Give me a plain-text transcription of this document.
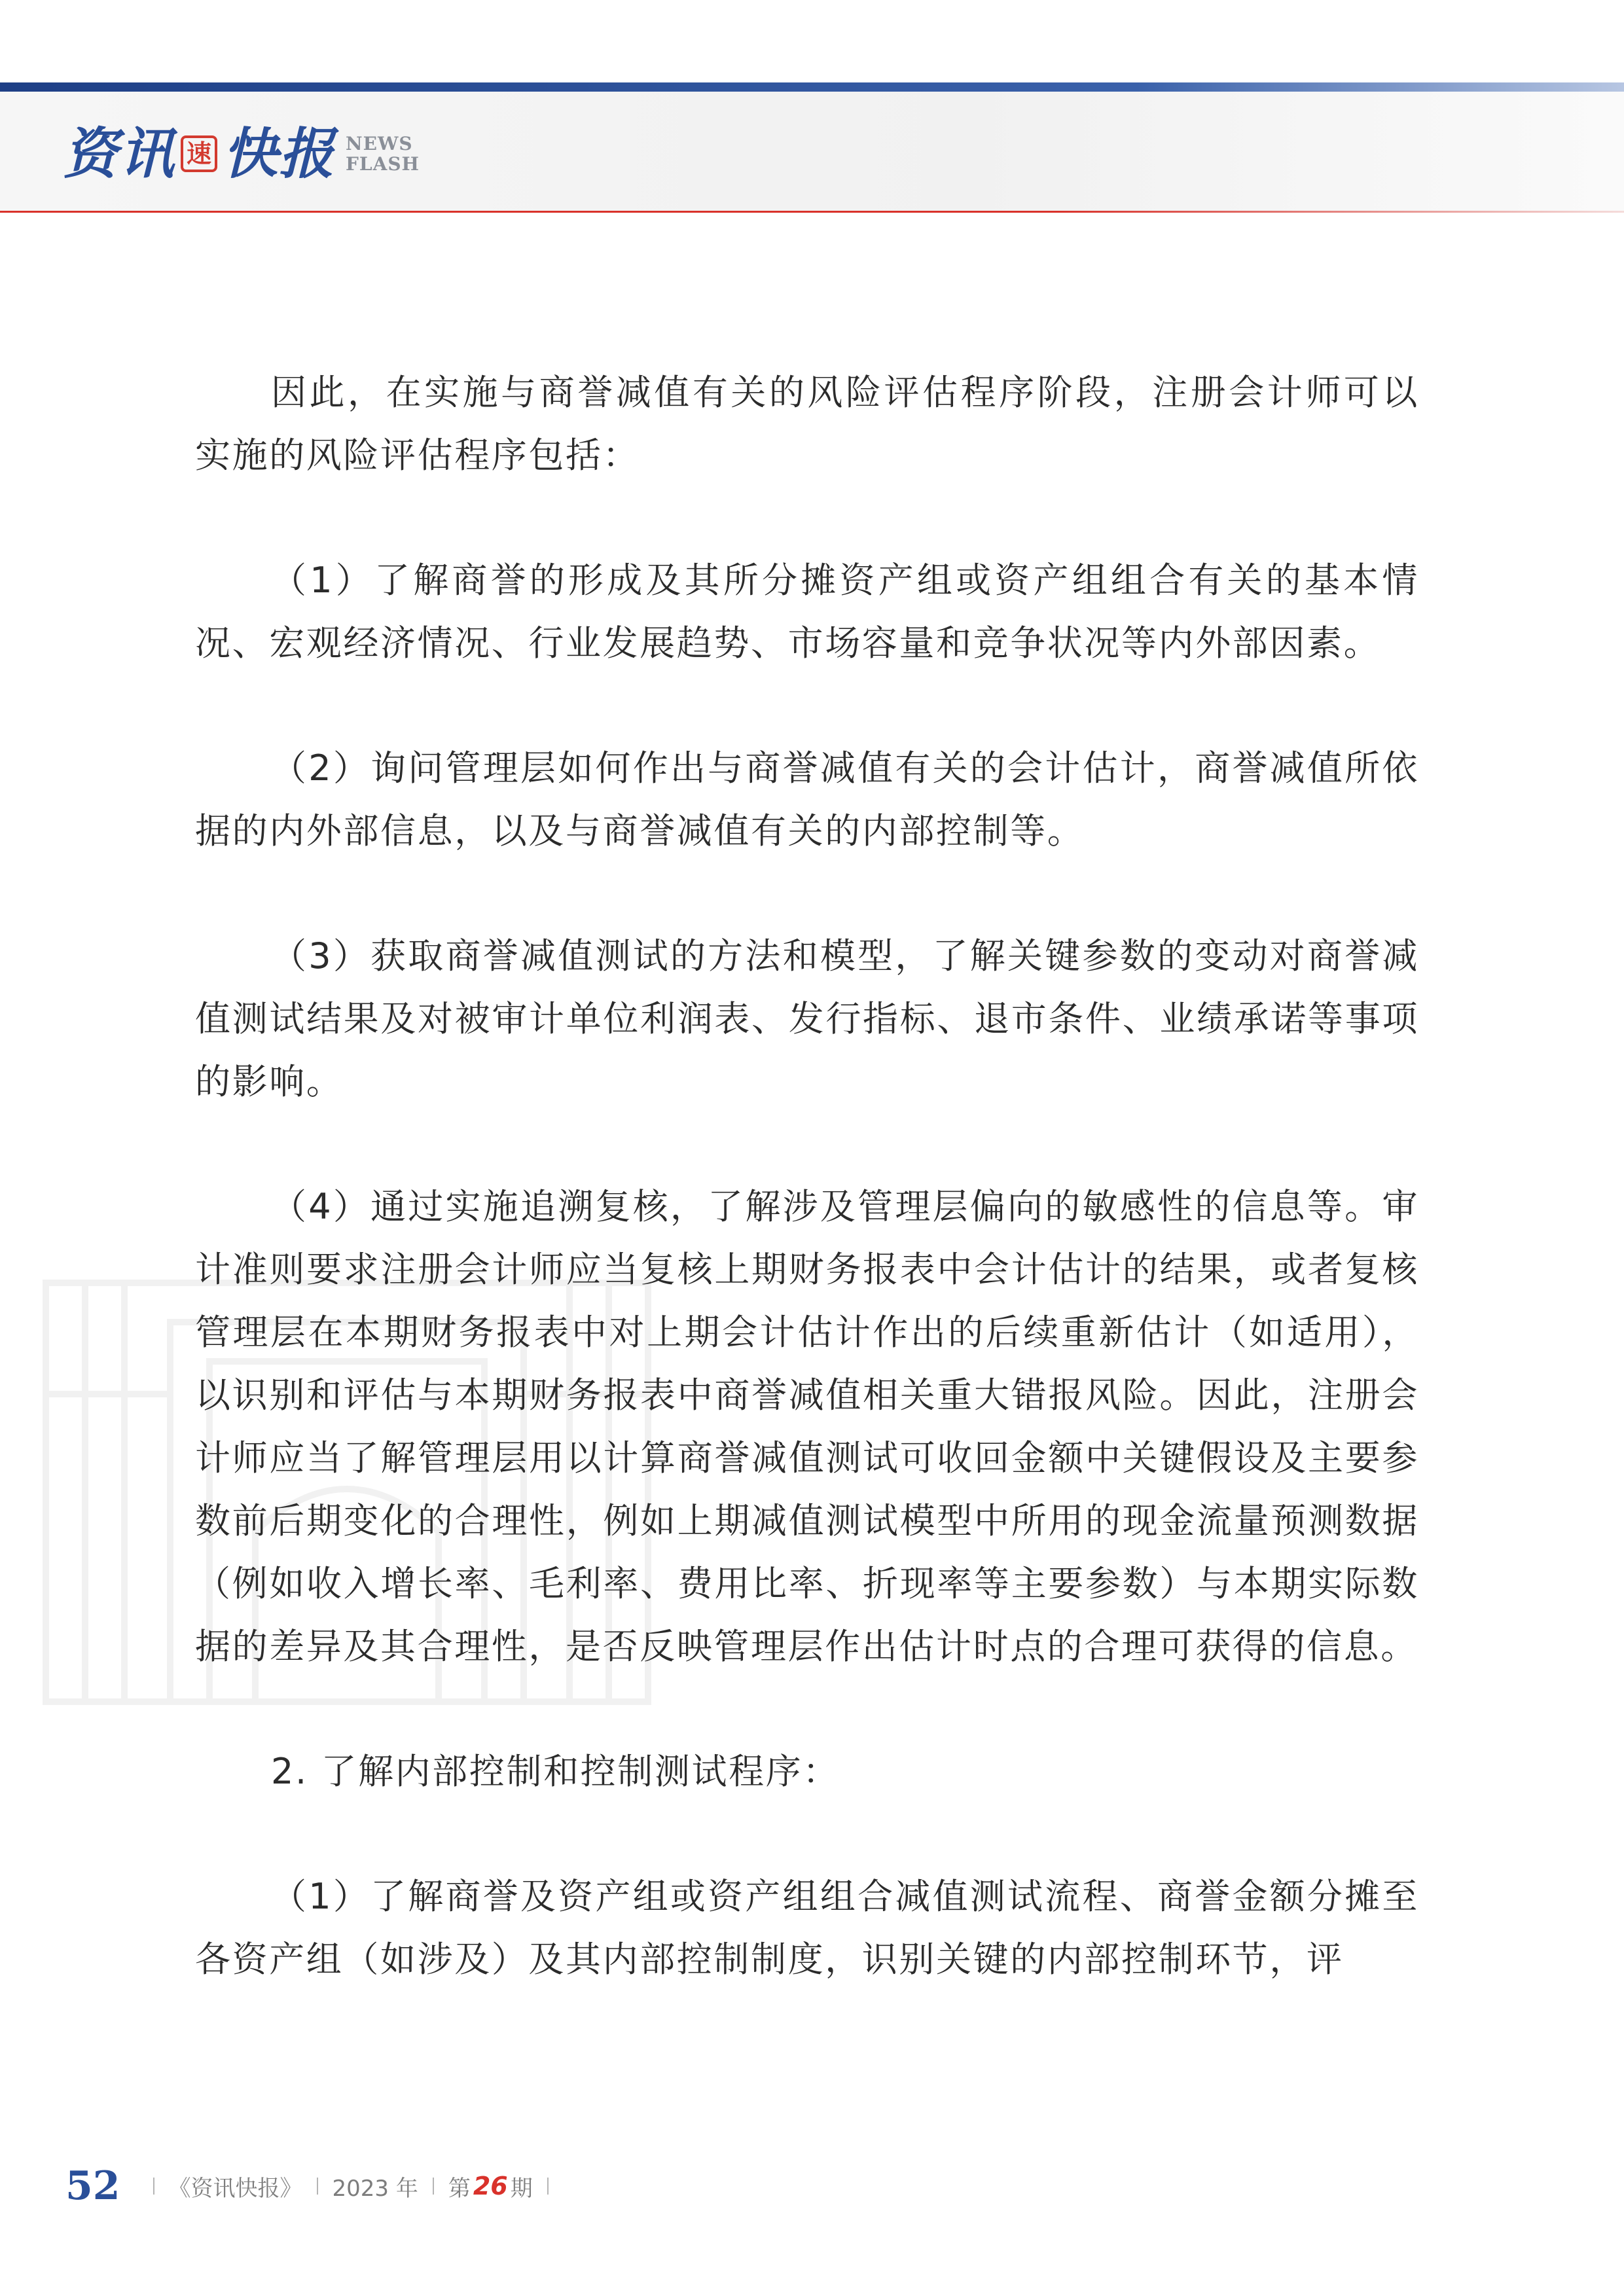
资讯 速 快报 NEWS
FLASH

因此，在实施与商誉减值有关的风险评估程序阶段，注册会计师可以实施的风险评估程序包括：

（1）了解商誉的形成及其所分摊资产组或资产组组合有关的基本情况、宏观经济情况、行业发展趋势、市场容量和竞争状况等内外部因素。

（2）询问管理层如何作出与商誉减值有关的会计估计，商誉减值所依据的内外部信息，以及与商誉减值有关的内部控制等。

（3）获取商誉减值测试的方法和模型，了解关键参数的变动对商誉减值测试结果及对被审计单位利润表、发行指标、退市条件、业绩承诺等事项的影响。

（4）通过实施追溯复核，了解涉及管理层偏向的敏感性的信息等。审计准则要求注册会计师应当复核上期财务报表中会计估计的结果，或者复核管理层在本期财务报表中对上期会计估计作出的后续重新估计（如适用），以识别和评估与本期财务报表中商誉减值相关重大错报风险。因此，注册会计师应当了解管理层用以计算商誉减值测试可收回金额中关键假设及主要参数前后期变化的合理性，例如上期减值测试模型中所用的现金流量预测数据（例如收入增长率、毛利率、费用比率、折现率等主要参数）与本期实际数据的差异及其合理性，是否反映管理层作出估计时点的合理可获得的信息。

2. 了解内部控制和控制测试程序：

（1）了解商誉及资产组或资产组组合减值测试流程、商誉金额分摊至各资产组（如涉及）及其内部控制制度，识别关键的内部控制环节，评

52 《资讯快报》 2023 年 第 26 期
